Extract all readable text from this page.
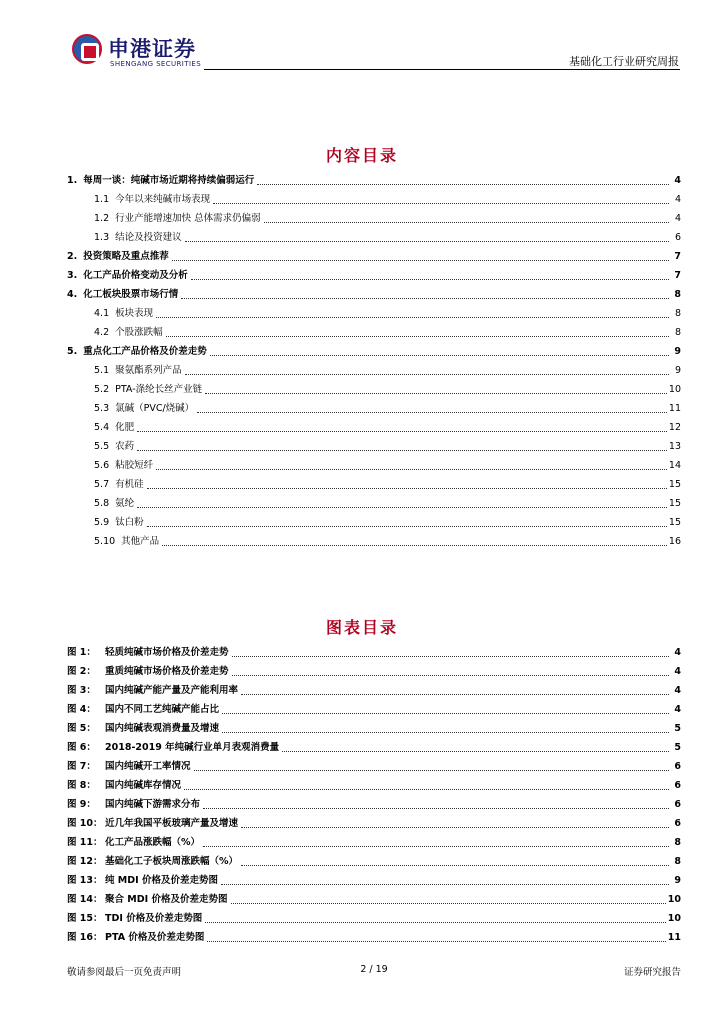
申港证券
SHENGANG SECURITIES	基础化工行业研究周报
内容目录
1. 每周一谈：纯碱市场近期将持续偏弱运行	4
1.1 今年以来纯碱市场表现	4
1.2 行业产能增速加快 总体需求仍偏弱	4
1.3 结论及投资建议	6
2. 投资策略及重点推荐	7
3. 化工产品价格变动及分析	7
4. 化工板块股票市场行情	8
4.1 板块表现	8
4.2 个股涨跌幅	8
5. 重点化工产品价格及价差走势	9
5.1 聚氨酯系列产品	9
5.2 PTA-涤纶长丝产业链	10
5.3 氯碱（PVC/烧碱）	11
5.4 化肥	12
5.5 农药	13
5.6 粘胶短纤	14
5.7 有机硅	15
5.8 氨纶	15
5.9 钛白粉	15
5.10 其他产品	16
图表目录
图 1： 轻质纯碱市场价格及价差走势	4
图 2： 重质纯碱市场价格及价差走势	4
图 3： 国内纯碱产能产量及产能利用率	4
图 4： 国内不同工艺纯碱产能占比	4
图 5： 国内纯碱表观消费量及增速	5
图 6： 2018-2019 年纯碱行业单月表观消费量	5
图 7： 国内纯碱开工率情况	6
图 8： 国内纯碱库存情况	6
图 9： 国内纯碱下游需求分布	6
图 10： 近几年我国平板玻璃产量及增速	6
图 11： 化工产品涨跌幅（%）	8
图 12： 基础化工子板块周涨跌幅（%）	8
图 13： 纯 MDI 价格及价差走势图	9
图 14： 聚合 MDI 价格及价差走势图	10
图 15： TDI 价格及价差走势图	10
图 16： PTA 价格及价差走势图	11
敬请参阅最后一页免责声明	2 / 19	证券研究报告
